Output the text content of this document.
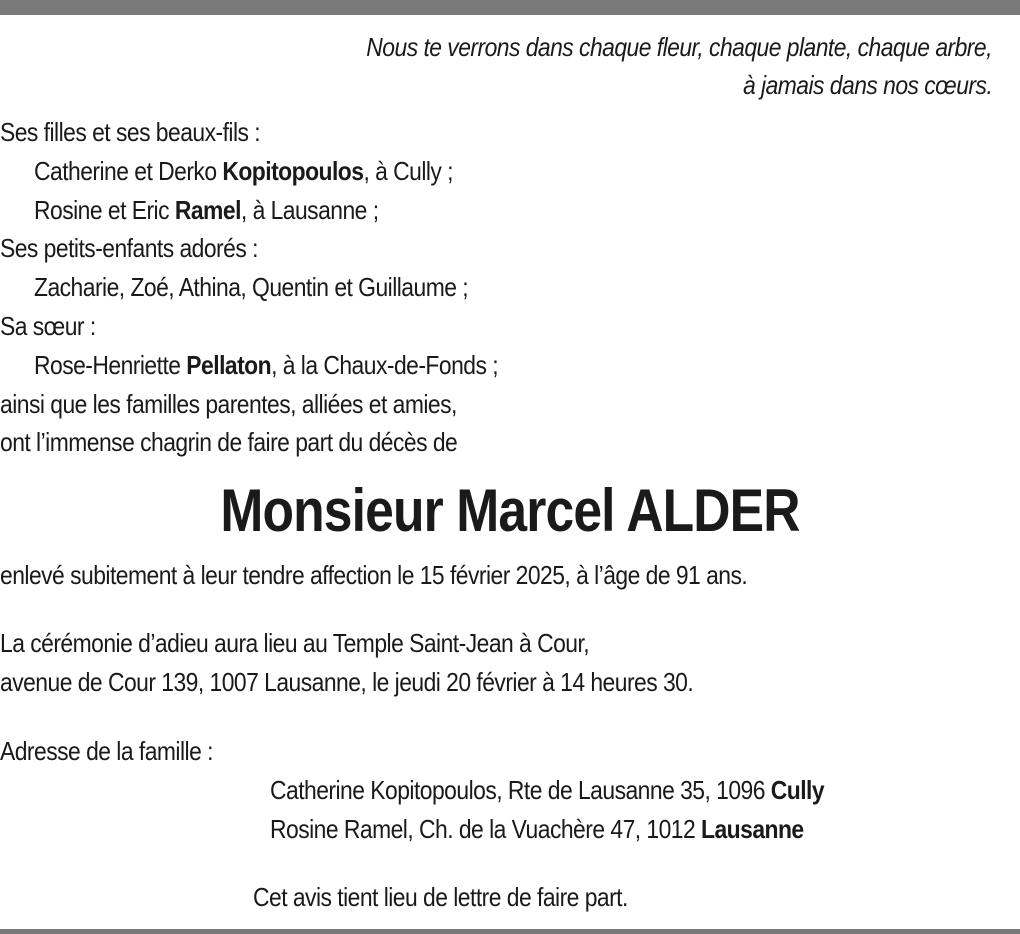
Nous te verrons dans chaque fleur, chaque plante, chaque arbre,
à jamais dans nos cœurs.
Ses filles et ses beaux-fils :
Catherine et Derko Kopitopoulos, à Cully ;
Rosine et Eric Ramel, à Lausanne ;
Ses petits-enfants adorés :
Zacharie, Zoé, Athina, Quentin et Guillaume ;
Sa sœur :
Rose-Henriette Pellaton, à la Chaux-de-Fonds ;
ainsi que les familles parentes, alliées et amies,
ont l’immense chagrin de faire part du décès de
Monsieur Marcel ALDER
enlevé subitement à leur tendre affection le 15 février 2025, à l’âge de 91 ans.
La cérémonie d’adieu aura lieu au Temple Saint-Jean à Cour,
avenue de Cour 139, 1007 Lausanne, le jeudi 20 février à 14 heures 30.
Adresse de la famille :
Catherine Kopitopoulos, Rte de Lausanne 35, 1096 Cully
Rosine Ramel, Ch. de la Vuachère 47, 1012 Lausanne
Cet avis tient lieu de lettre de faire part.
